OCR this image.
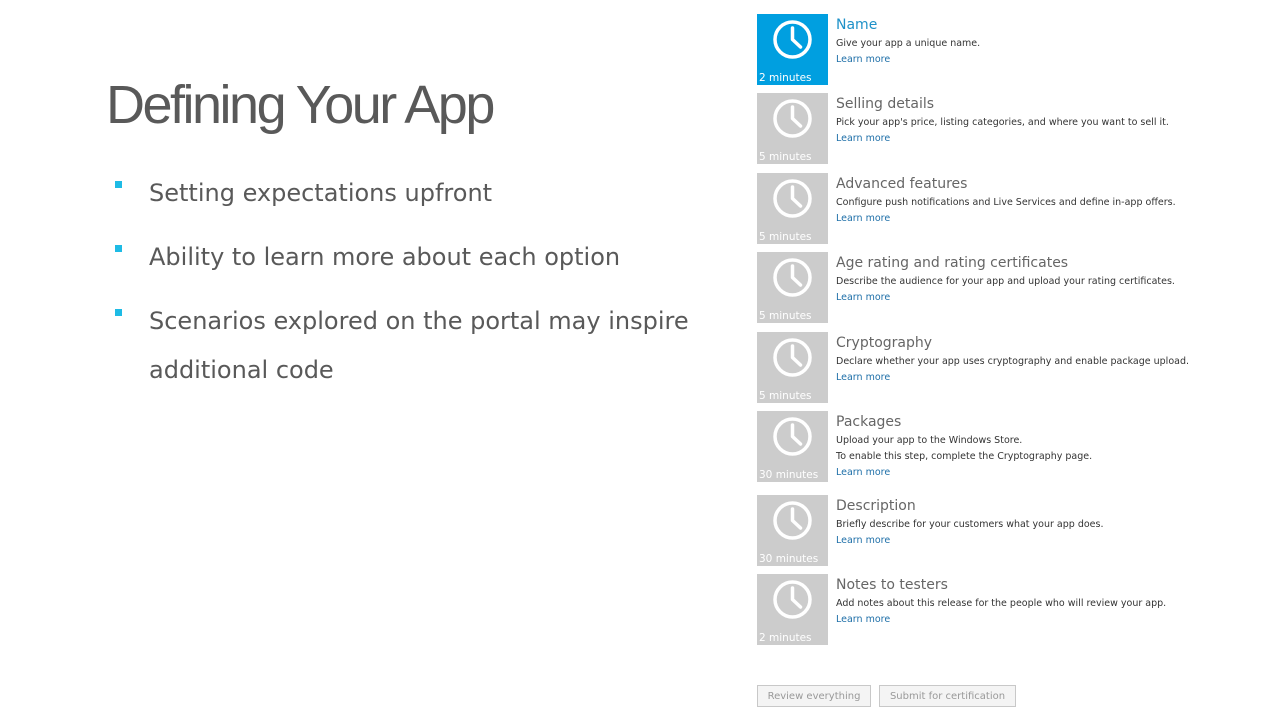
Defining Your App
Setting expectations upfront
Ability to learn more about each option
Scenarios explored on the portal may inspire additional code
2 minutes
Name
Give your app a unique name.
Learn more
5 minutes
Selling details
Pick your app's price, listing categories, and where you want to sell it.
Learn more
5 minutes
Advanced features
Configure push notifications and Live Services and define in-app offers.
Learn more
5 minutes
Age rating and rating certificates
Describe the audience for your app and upload your rating certificates.
Learn more
5 minutes
Cryptography
Declare whether your app uses cryptography and enable package upload.
Learn more
30 minutes
Packages
Upload your app to the Windows Store.
To enable this step, complete the Cryptography page.
Learn more
30 minutes
Description
Briefly describe for your customers what your app does.
Learn more
2 minutes
Notes to testers
Add notes about this release for the people who will review your app.
Learn more
Review everything	Submit for certification
